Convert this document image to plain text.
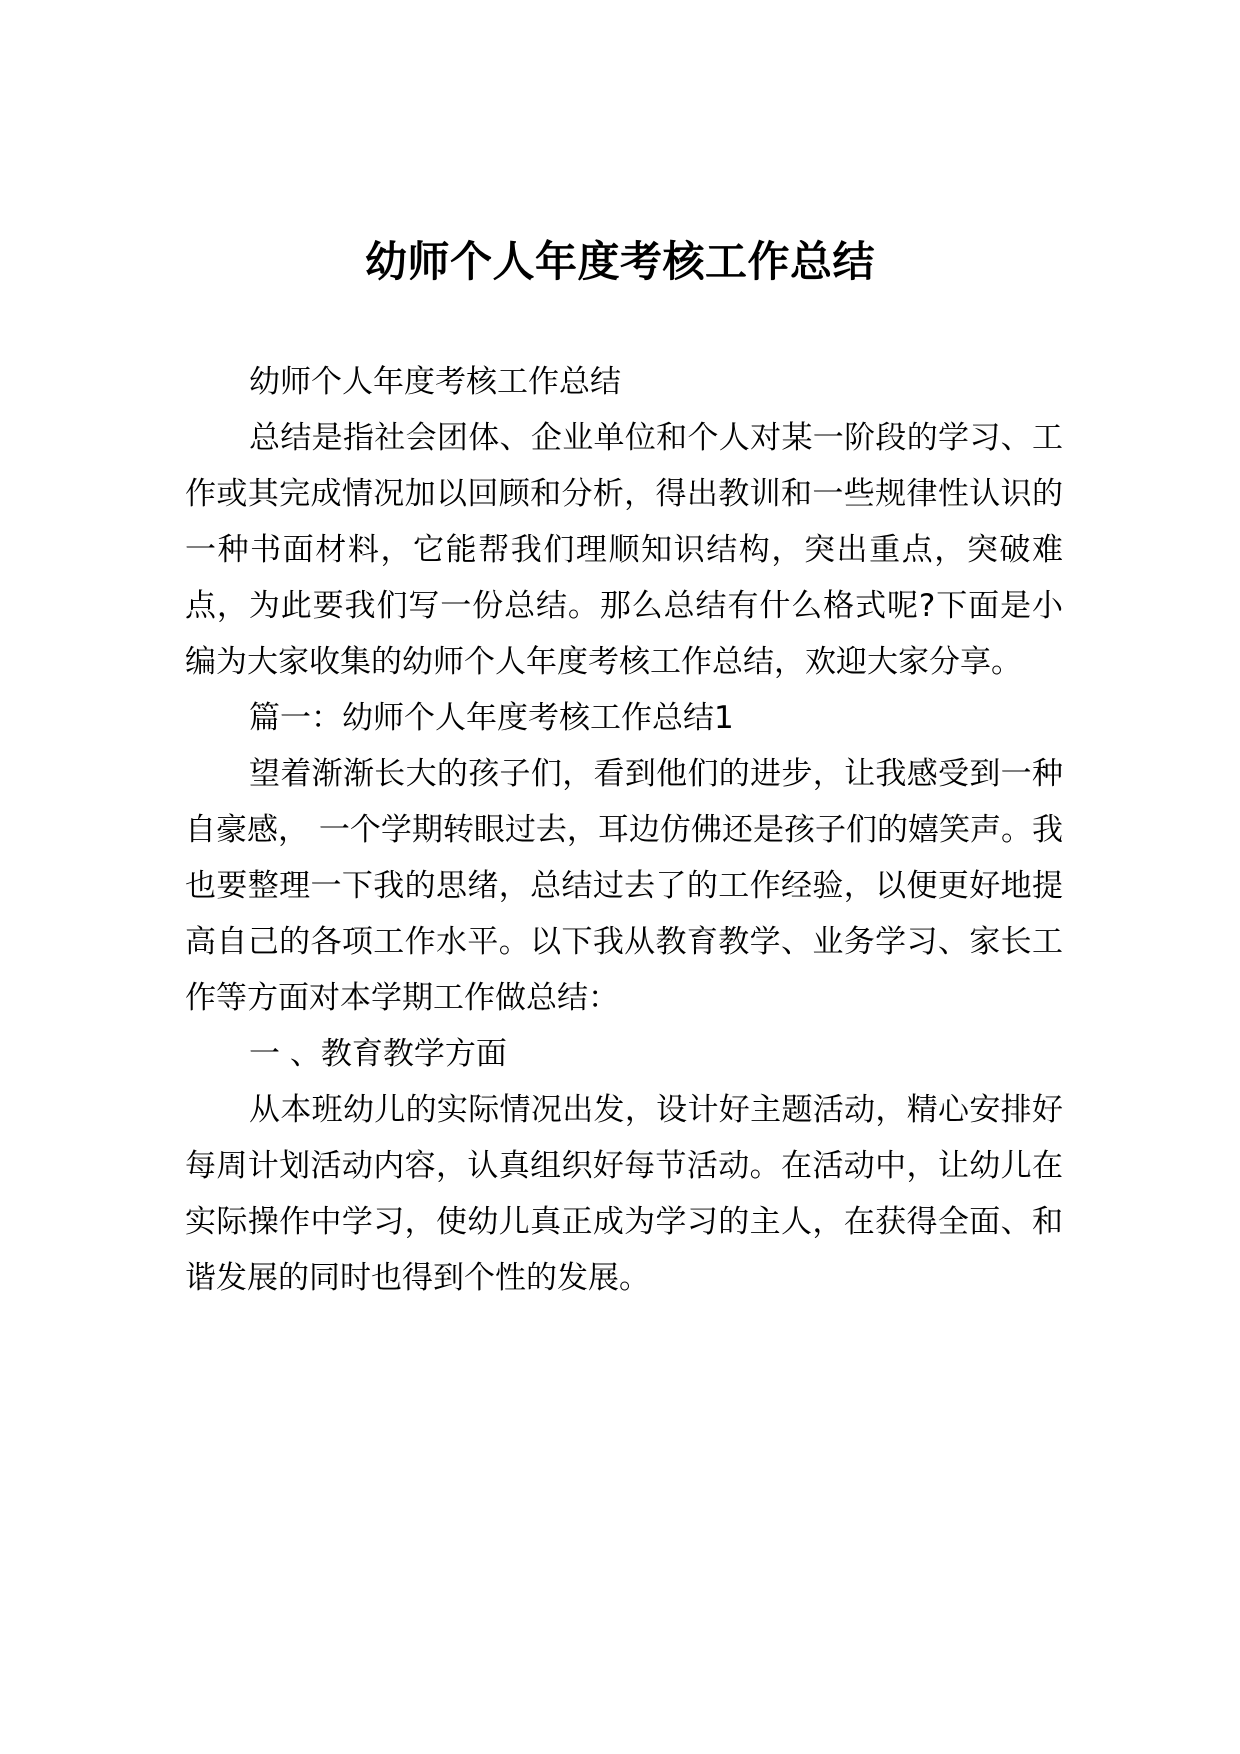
幼师个人年度考核工作总结

幼师个人年度考核工作总结

总结是指社会团体、企业单位和个人对某一阶段的学习、工作或其完成情况加以回顾和分析，得出教训和一些规律性认识的一种书面材料，它能帮我们理顺知识结构，突出重点，突破难点，为此要我们写一份总结。那么总结有什么格式呢?下面是小编为大家收集的幼师个人年度考核工作总结，欢迎大家分享。

篇一：幼师个人年度考核工作总结1

望着渐渐长大的孩子们，看到他们的进步，让我感受到一种自豪感， 一个学期转眼过去，耳边仿佛还是孩子们的嬉笑声。我也要整理一下我的思绪，总结过去了的工作经验，以便更好地提高自己的各项工作水平。以下我从教育教学、业务学习、家长工作等方面对本学期工作做总结：

一 、教育教学方面

从本班幼儿的实际情况出发，设计好主题活动，精心安排好每周计划活动内容，认真组织好每节活动。在活动中，让幼儿在实际操作中学习，使幼儿真正成为学习的主人，在获得全面、和谐发展的同时也得到个性的发展。
